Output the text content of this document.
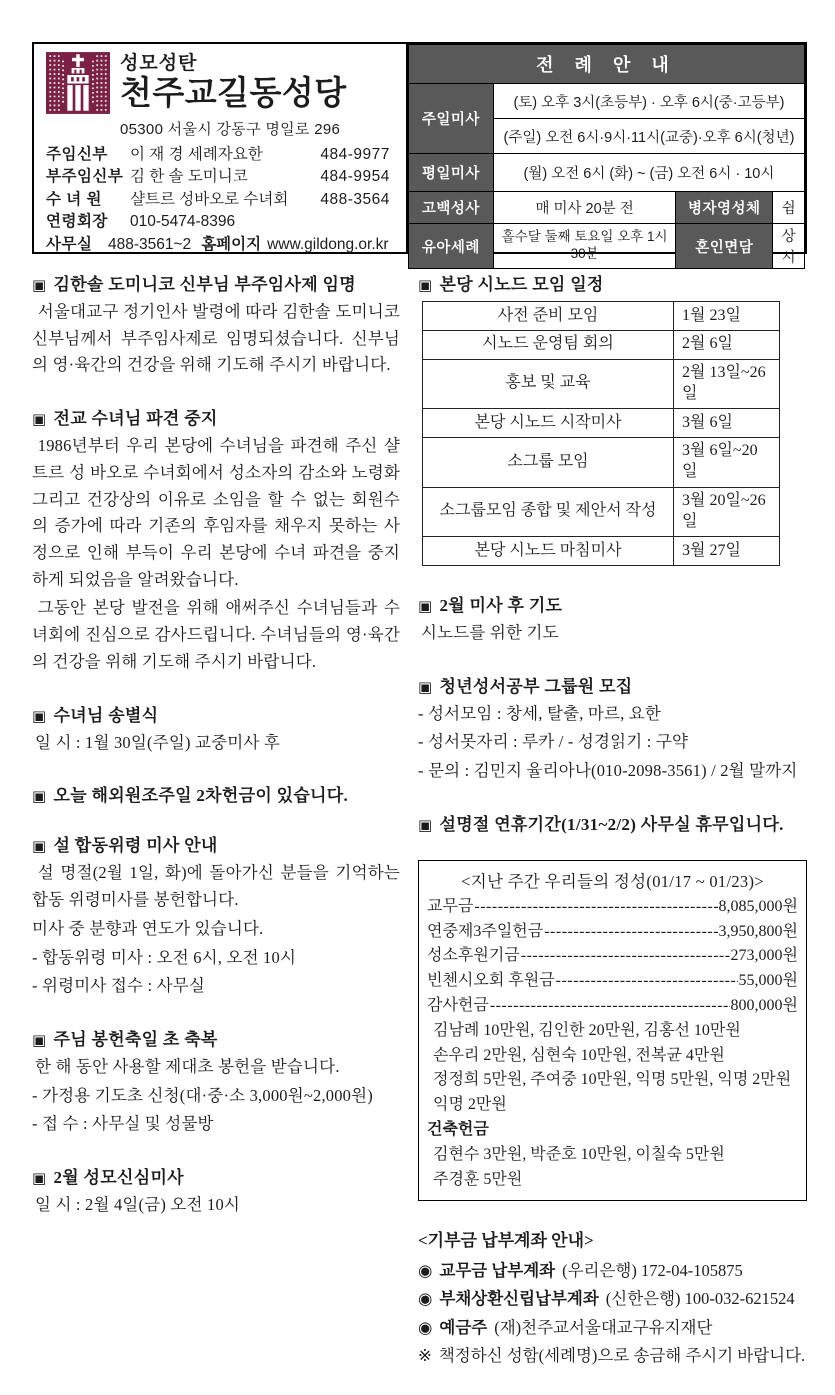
성모성탄
천주교길동성당
05300 서울시 강동구 명일로 296
주임신부	이 재 경 세례자요한	484-9977
부주임신부 김 한 솔 도미니코	484-9954
수 녀 원	샬트르 성바오로 수녀회	488-3564
연령회장	010-5474-8396
사무실	488-3561~2 홈페이지 www.gildong.or.kr
전 례 안 내			
주일미사	(토) 오후 3시(초등부) · 오후 6시(중·고등부)		
	(주일) 오전 6시·9시·11시(교중)·오후 6시(청년)		
평일미사	(월) 오전 6시 (화) ~ (금) 오전 6시 · 10시		
고백성사	매 미사 20분 전	병자영성체	쉼
유아세례	홀수달 둘째 토요일 오후 1시30분	혼인면담	상시
▣ 김한솔 도미니코 신부님 부주임사제 임명

서울대교구 정기인사 발령에 따라 김한솔 도미니코 신부님께서 부주임사제로 임명되셨습니다. 신부님의 영·육간의 건강을 위해 기도해 주시기 바랍니다.

▣ 전교 수녀님 파견 중지

1986년부터 우리 본당에 수녀님을 파견해 주신 샬트르 성 바오로 수녀회에서 성소자의 감소와 노령화 그리고 건강상의 이유로 소임을 할 수 없는 회원수의 증가에 따라 기존의 후임자를 채우지 못하는 사정으로 인해 부득이 우리 본당에 수녀 파견을 중지하게 되었음을 알려왔습니다.

그동안 본당 발전을 위해 애써주신 수녀님들과 수녀회에 진심으로 감사드립니다. 수녀님들의 영·육간의 건강을 위해 기도해 주시기 바랍니다.

▣ 수녀님 송별식

일 시 : 1월 30일(주일) 교중미사 후

▣ 오늘 해외원조주일 2차헌금이 있습니다.
▣ 설 합동위령 미사 안내

설 명절(2월 1일, 화)에 돌아가신 분들을 기억하는 합동 위령미사를 봉헌합니다.

미사 중 분향과 연도가 있습니다.

- 합동위령 미사 : 오전 6시, 오전 10시

- 위령미사 접수 : 사무실

▣ 주님 봉헌축일 초 축복

한 해 동안 사용할 제대초 봉헌을 받습니다.

- 가정용 기도초 신청(대·중·소 3,000원~2,000원)

- 접 수 : 사무실 및 성물방

▣ 2월 성모신심미사

일 시 : 2월 4일(금) 오전 10시

▣ 본당 시노드 모임 일정
사전 준비 모임	1월 23일
시노드 운영팀 회의	2월 6일
홍보 및 교육	2월 13일~26일
본당 시노드 시작미사	3월 6일
소그룹 모임	3월 6일~20일
소그룹모임 종합 및 제안서 작성	3월 20일~26일
본당 시노드 마침미사	3월 27일
▣ 2월 미사 후 기도

시노드를 위한 기도

▣ 청년성서공부 그룹원 모집

- 성서모임 : 창세, 탈출, 마르, 요한

- 성서못자리 : 루카 / - 성경읽기 : 구약

- 문의 : 김민지 율리아나(010-2098-3561) / 2월 말까지

▣ 설명절 연휴기간(1/31~2/2) 사무실 휴무입니다.
<지난 주간 우리들의 정성(01/17 ~ 01/23)>
교무금 -----	8,085,000원
연중제3주일헌금 -----	3,950,800원
성소후원기금 -----	273,000원
빈첸시오회 후원금 -----	55,000원
감사헌금 -----	800,000원
김남례 10만원, 김인한 20만원, 김홍선 10만원
손우리 2만원, 심현숙 10만원, 전복균 4만원
정정희 5만원, 주여중 10만원, 익명 5만원, 익명 2만원
익명 2만원
건축헌금
김현수 3만원, 박준호 10만원, 이칠숙 5만원
주경훈 5만원
<기부금 납부계좌 안내>
◉ 교무금 납부계좌 (우리은행) 172-04-105875
◉ 부채상환신립납부계좌 (신한은행) 100-032-621524
◉ 예금주 (재)천주교서울대교구유지재단
※ 책정하신 성함(세례명)으로 송금해 주시기 바랍니다.
